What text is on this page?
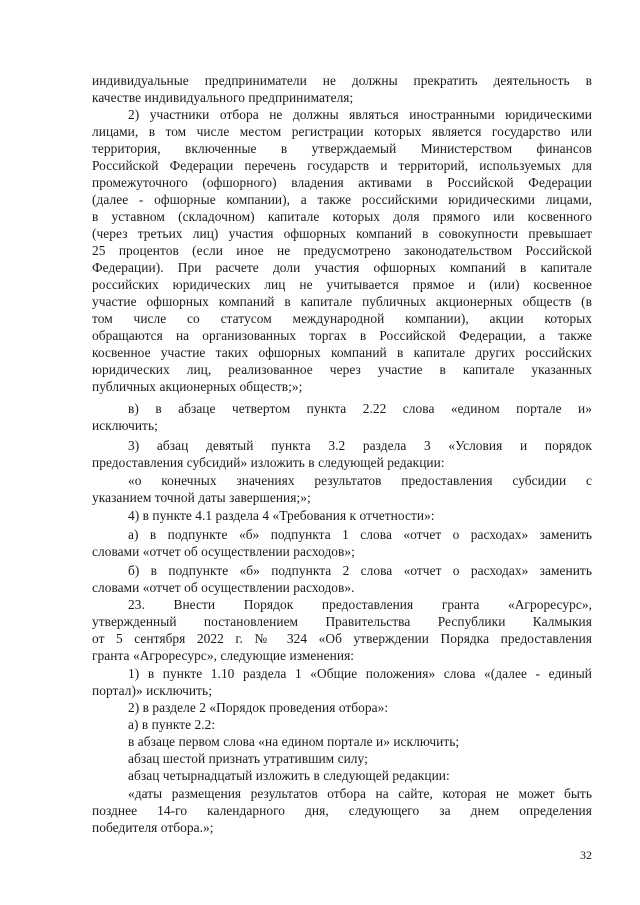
индивидуальные предприниматели не должны прекратить деятельность в
качестве индивидуального предпринимателя;
2) участники отбора не должны являться иностранными юридическими
лицами, в том числе местом регистрации которых является государство или
территория, включенные в утверждаемый Министерством финансов
Российской Федерации перечень государств и территорий, используемых для
промежуточного (офшорного) владения активами в Российской Федерации
(далее - офшорные компании), а также российскими юридическими лицами,
в уставном (складочном) капитале которых доля прямого или косвенного
(через третьих лиц) участия офшорных компаний в совокупности превышает
25 процентов (если иное не предусмотрено законодательством Российской
Федерации). При расчете доли участия офшорных компаний в капитале
российских юридических лиц не учитывается прямое и (или) косвенное
участие офшорных компаний в капитале публичных акционерных обществ (в
том числе со статусом международной компании), акции которых
обращаются на организованных торгах в Российской Федерации, а также
косвенное участие таких офшорных компаний в капитале других российских
юридических лиц, реализованное через участие в капитале указанных
публичных акционерных обществ;»;
в) в абзаце четвертом пункта 2.22 слова «едином портале и»
исключить;
3) абзац девятый пункта 3.2 раздела 3 «Условия и порядок
предоставления субсидий» изложить в следующей редакции:
«о конечных значениях результатов предоставления субсидии с
указанием точной даты завершения;»;
4) в пункте 4.1 раздела 4 «Требования к отчетности»:
а) в подпункте «б» подпункта 1 слова «отчет о расходах» заменить
словами «отчет об осуществлении расходов»;
б) в подпункте «б» подпункта 2 слова «отчет о расходах» заменить
словами «отчет об осуществлении расходов».
23. Внести Порядок предоставления гранта «Агроресурс»,
утвержденный постановлением Правительства Республики Калмыкия
от 5 сентября 2022 г. № 324 «Об утверждении Порядка предоставления
гранта «Агроресурс», следующие изменения:
1) в пункте 1.10 раздела 1 «Общие положения» слова «(далее - единый
портал)» исключить;
2) в разделе 2 «Порядок проведения отбора»:
а) в пункте 2.2:
в абзаце первом слова «на едином портале и» исключить;
абзац шестой признать утратившим силу;
абзац четырнадцатый изложить в следующей редакции:
«даты размещения результатов отбора на сайте, которая не может быть
позднее 14-го календарного дня, следующего за днем определения
победителя отбора.»;
32
